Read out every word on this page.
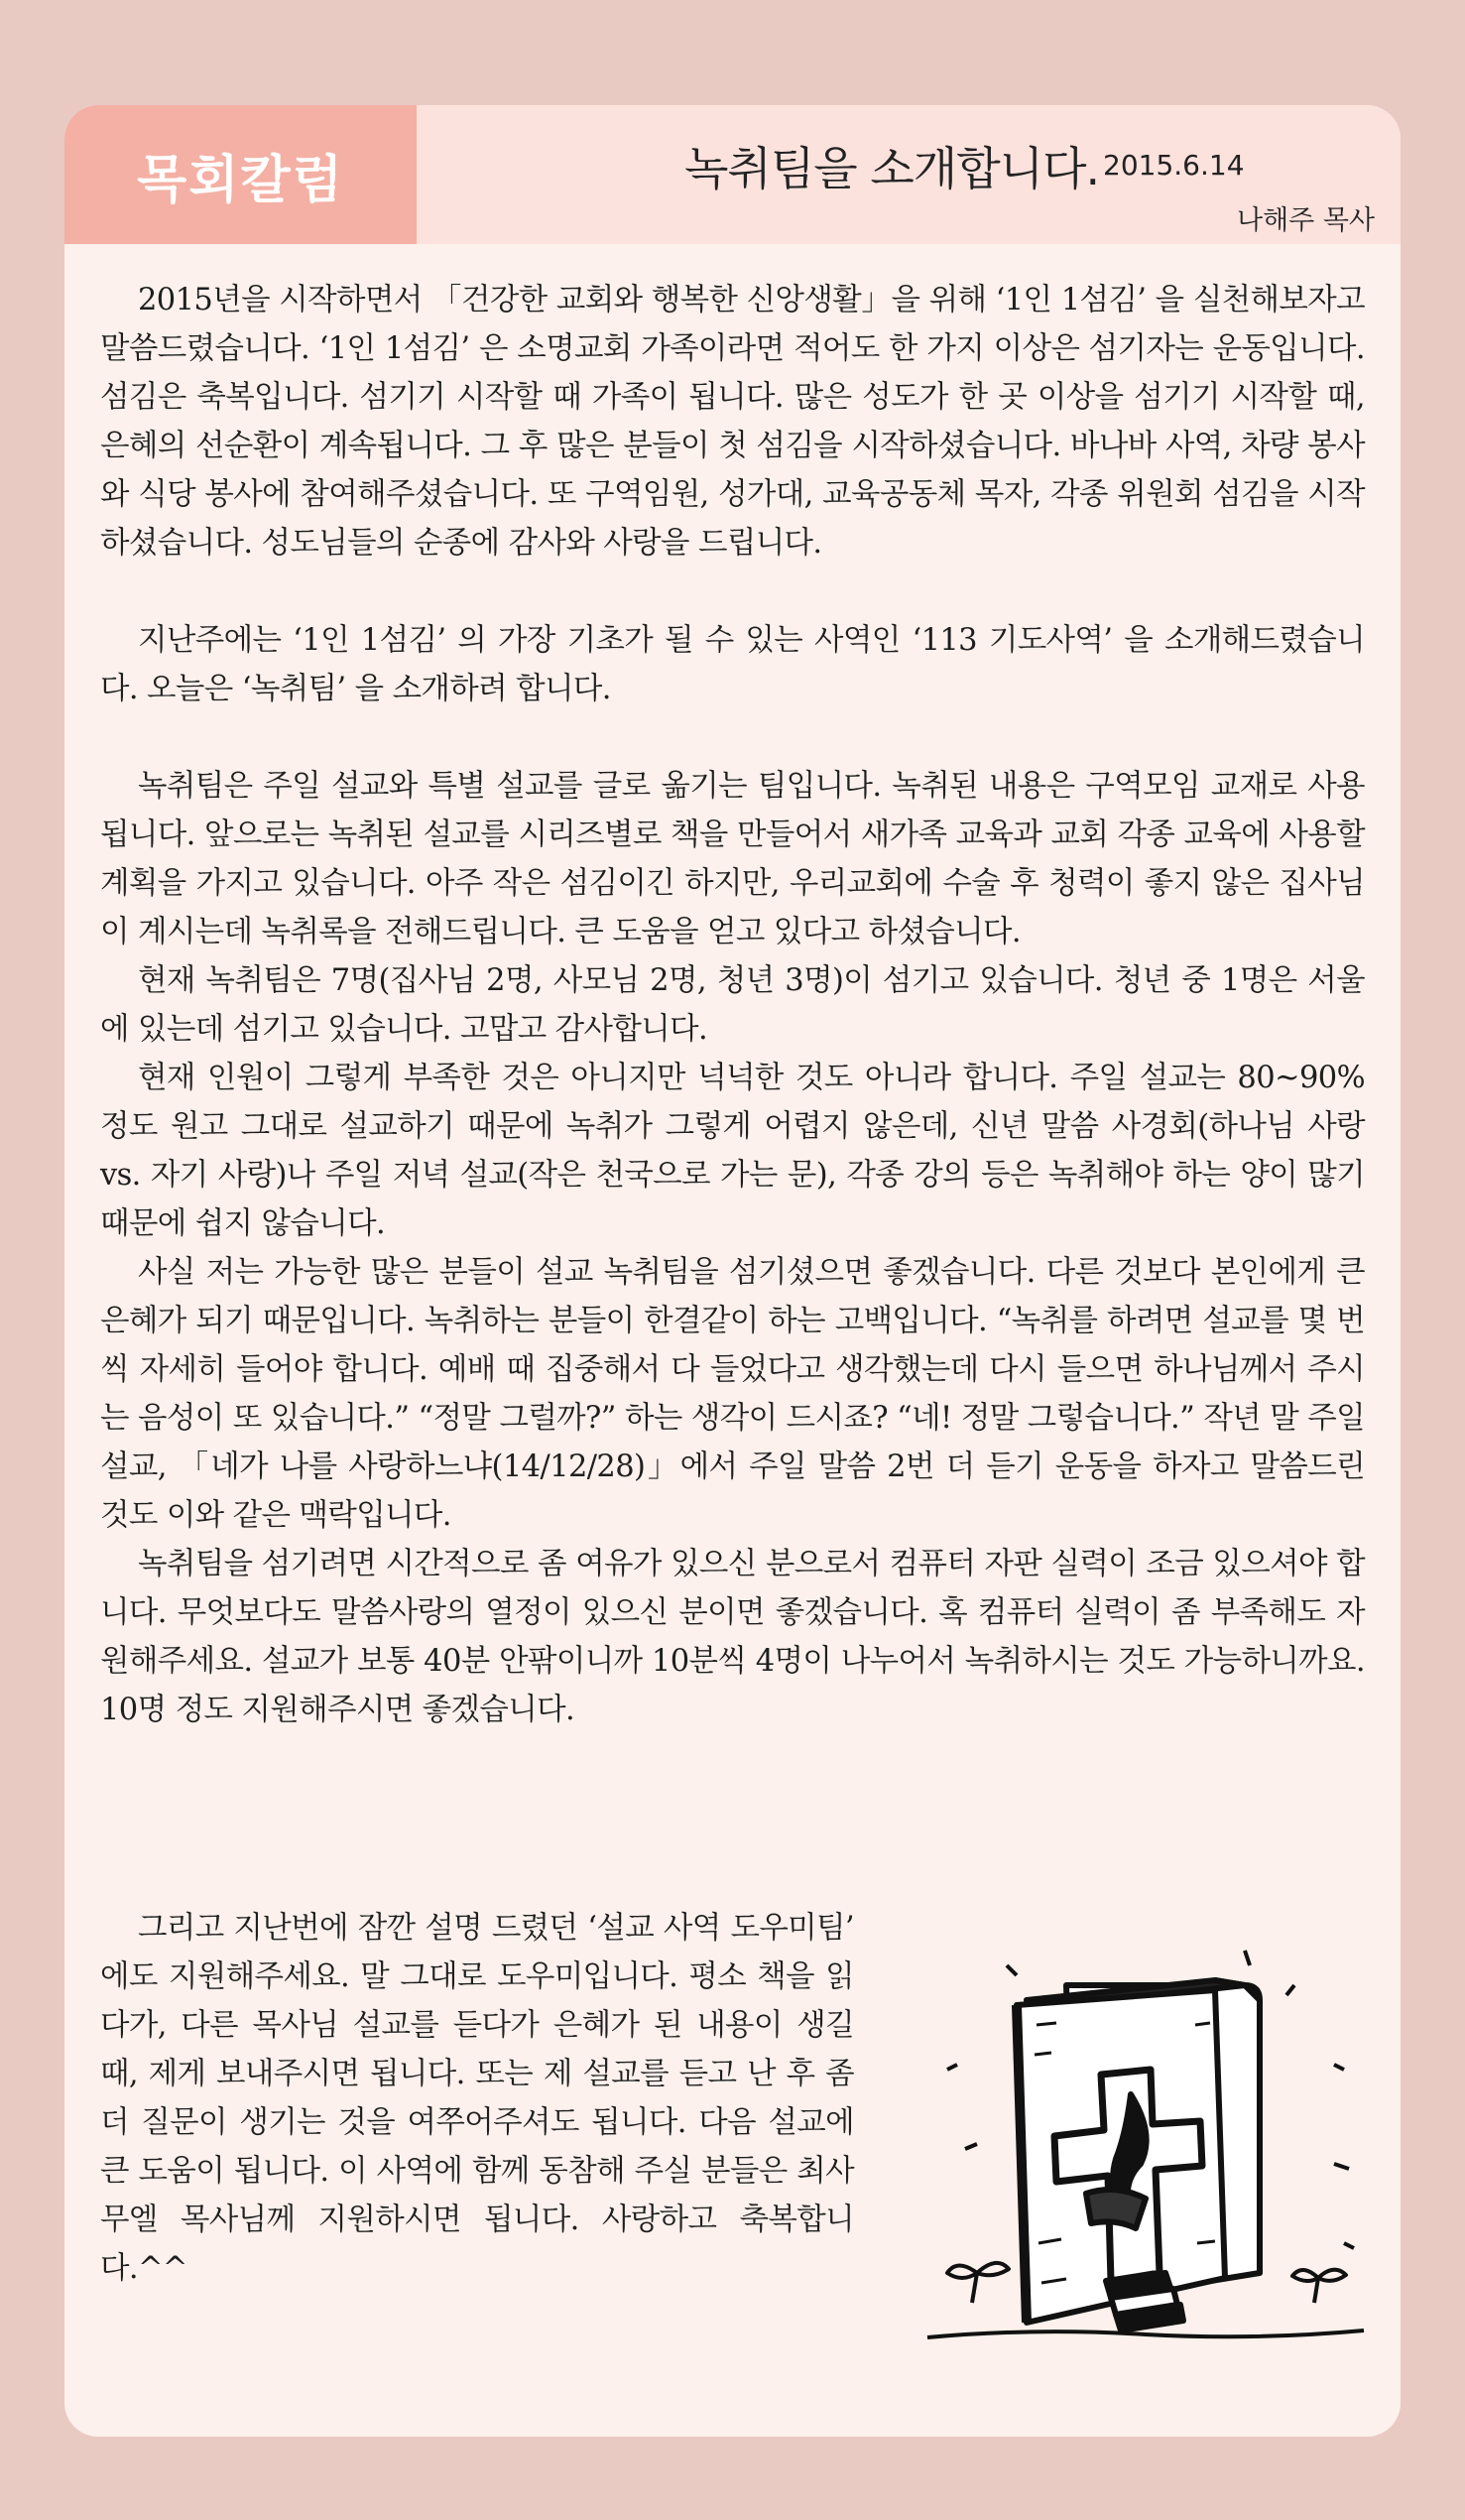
목회칼럼	녹취팀을 소개합니다. 2015.6.14
나해주 목사

2015년을 시작하면서 「건강한 교회와 행복한 신앙생활」을 위해 ‘1인 1섬김’ 을 실천해보자고 말씀드렸습니다. ‘1인 1섬김’ 은 소명교회 가족이라면 적어도 한 가지 이상은 섬기자는 운동입니다. 섬김은 축복입니다. 섬기기 시작할 때 가족이 됩니다. 많은 성도가 한 곳 이상을 섬기기 시작할 때, 은혜의 선순환이 계속됩니다. 그 후 많은 분들이 첫 섬김을 시작하셨습니다. 바나바 사역, 차량 봉사와 식당 봉사에 참여해주셨습니다. 또 구역임원, 성가대, 교육공동체 목자, 각종 위원회 섬김을 시작하셨습니다. 성도님들의 순종에 감사와 사랑을 드립니다.

지난주에는 ‘1인 1섬김’ 의 가장 기초가 될 수 있는 사역인 ‘113 기도사역’ 을 소개해드렸습니다. 오늘은 ‘녹취팀’ 을 소개하려 합니다.

녹취팀은 주일 설교와 특별 설교를 글로 옮기는 팀입니다. 녹취된 내용은 구역모임 교재로 사용됩니다. 앞으로는 녹취된 설교를 시리즈별로 책을 만들어서 새가족 교육과 교회 각종 교육에 사용할 계획을 가지고 있습니다. 아주 작은 섬김이긴 하지만, 우리교회에 수술 후 청력이 좋지 않은 집사님이 계시는데 녹취록을 전해드립니다. 큰 도움을 얻고 있다고 하셨습니다.

현재 녹취팀은 7명(집사님 2명, 사모님 2명, 청년 3명)이 섬기고 있습니다. 청년 중 1명은 서울에 있는데 섬기고 있습니다. 고맙고 감사합니다.

현재 인원이 그렇게 부족한 것은 아니지만 넉넉한 것도 아니라 합니다. 주일 설교는 80~90% 정도 원고 그대로 설교하기 때문에 녹취가 그렇게 어렵지 않은데, 신년 말씀 사경회(하나님 사랑 vs. 자기 사랑)나 주일 저녁 설교(작은 천국으로 가는 문), 각종 강의 등은 녹취해야 하는 양이 많기 때문에 쉽지 않습니다.

사실 저는 가능한 많은 분들이 설교 녹취팀을 섬기셨으면 좋겠습니다. 다른 것보다 본인에게 큰 은혜가 되기 때문입니다. 녹취하는 분들이 한결같이 하는 고백입니다. “녹취를 하려면 설교를 몇 번씩 자세히 들어야 합니다. 예배 때 집중해서 다 들었다고 생각했는데 다시 들으면 하나님께서 주시는 음성이 또 있습니다.” “정말 그럴까?” 하는 생각이 드시죠? “네! 정말 그렇습니다.” 작년 말 주일 설교, 「네가 나를 사랑하느냐(14/12/28)」에서 주일 말씀 2번 더 듣기 운동을 하자고 말씀드린 것도 이와 같은 맥락입니다.

녹취팀을 섬기려면 시간적으로 좀 여유가 있으신 분으로서 컴퓨터 자판 실력이 조금 있으셔야 합니다. 무엇보다도 말씀사랑의 열정이 있으신 분이면 좋겠습니다. 혹 컴퓨터 실력이 좀 부족해도 자원해주세요. 설교가 보통 40분 안팎이니까 10분씩 4명이 나누어서 녹취하시는 것도 가능하니까요. 10명 정도 지원해주시면 좋겠습니다.

그리고 지난번에 잠깐 설명 드렸던 ‘설교 사역 도우미팀’ 에도 지원해주세요. 말 그대로 도우미입니다. 평소 책을 읽다가, 다른 목사님 설교를 듣다가 은혜가 된 내용이 생길 때, 제게 보내주시면 됩니다. 또는 제 설교를 듣고 난 후 좀 더 질문이 생기는 것을 여쭈어주셔도 됩니다. 다음 설교에 큰 도움이 됩니다. 이 사역에 함께 동참해 주실 분들은 최사무엘 목사님께 지원하시면 됩니다. 사랑하고 축복합니다.^^
